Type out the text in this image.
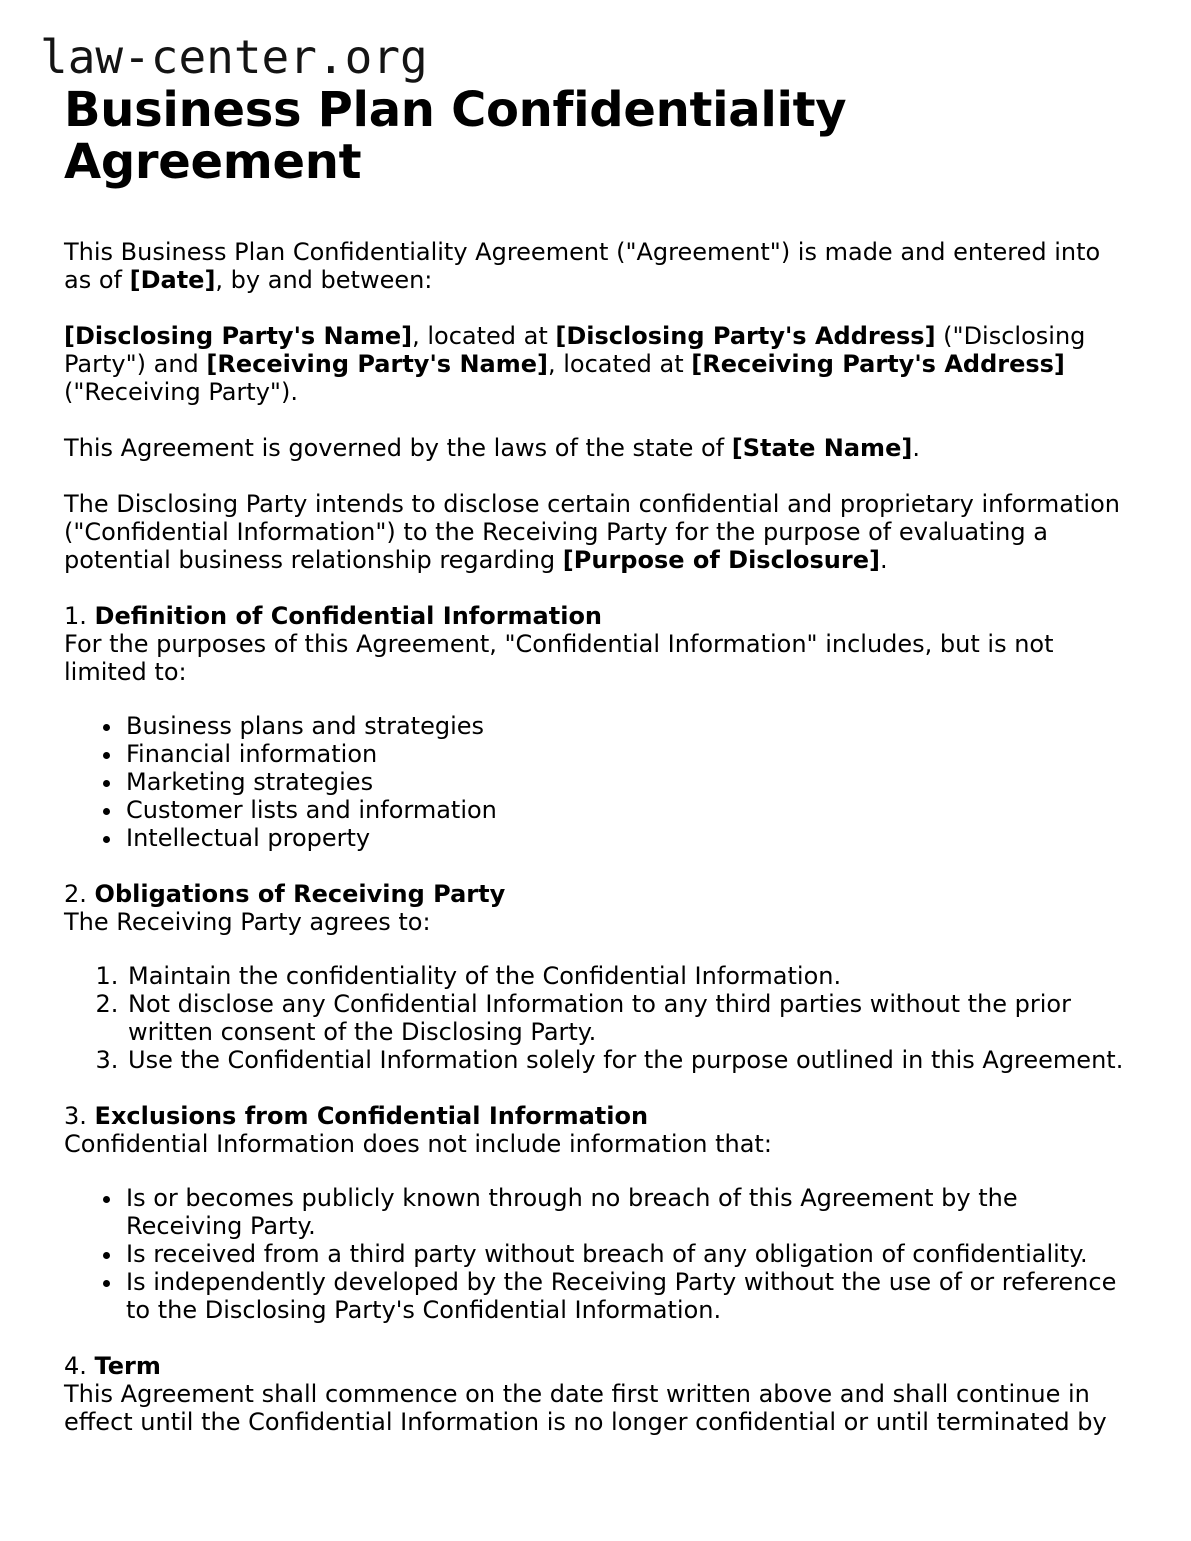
law-center.org
Business Plan Confidentiality Agreement

This Business Plan Confidentiality Agreement ("Agreement") is made and entered into as of [Date], by and between:

[Disclosing Party's Name], located at [Disclosing Party's Address] ("Disclosing Party") and [Receiving Party's Name], located at [Receiving Party's Address] ("Receiving Party").

This Agreement is governed by the laws of the state of [State Name].

The Disclosing Party intends to disclose certain confidential and proprietary information ("Confidential Information") to the Receiving Party for the purpose of evaluating a potential business relationship regarding [Purpose of Disclosure].

1. Definition of Confidential Information

For the purposes of this Agreement, "Confidential Information" includes, but is not limited to:

• Business plans and strategies
• Financial information
• Marketing strategies
• Customer lists and information
• Intellectual property
2. Obligations of Receiving Party

The Receiving Party agrees to:

1. Maintain the confidentiality of the Confidential Information.
2. Not disclose any Confidential Information to any third parties without the prior written consent of the Disclosing Party.
3. Use the Confidential Information solely for the purpose outlined in this Agreement.
3. Exclusions from Confidential Information

Confidential Information does not include information that:

• Is or becomes publicly known through no breach of this Agreement by the Receiving Party.
• Is received from a third party without breach of any obligation of confidentiality.
• Is independently developed by the Receiving Party without the use of or reference to the Disclosing Party's Confidential Information.
4. Term

This Agreement shall commence on the date first written above and shall continue in effect until the Confidential Information is no longer confidential or until terminated by
